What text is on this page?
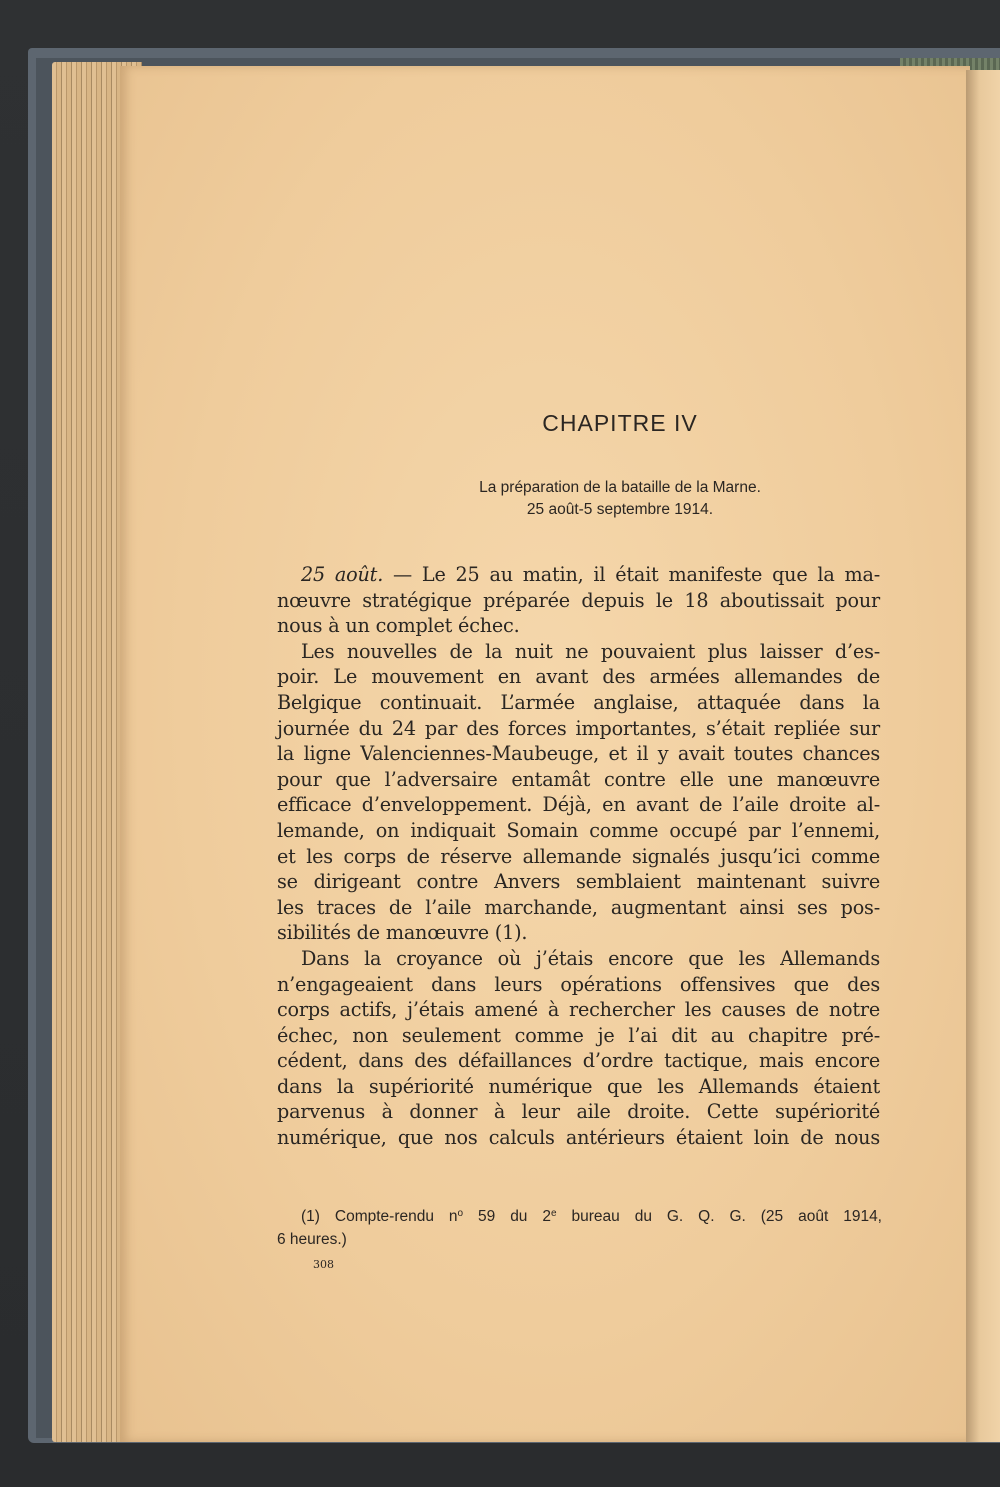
CHAPITRE IV
La préparation de la bataille de la Marne.
25 août-5 septembre 1914.
25 août. — Le 25 au matin, il était manifeste que la ma-
nœuvre stratégique préparée depuis le 18 aboutissait pour
nous à un complet échec.
Les nouvelles de la nuit ne pouvaient plus laisser d’es-
poir. Le mouvement en avant des armées allemandes de
Belgique continuait. L’armée anglaise, attaquée dans la
journée du 24 par des forces importantes, s’était repliée sur
la ligne Valenciennes-Maubeuge, et il y avait toutes chances
pour que l’adversaire entamât contre elle une manœuvre
efficace d’enveloppement. Déjà, en avant de l’aile droite al-
lemande, on indiquait Somain comme occupé par l’ennemi,
et les corps de réserve allemande signalés jusqu’ici comme
se dirigeant contre Anvers semblaient maintenant suivre
les traces de l’aile marchande, augmentant ainsi ses pos-
sibilités de manœuvre (1).
Dans la croyance où j’étais encore que les Allemands
n’engageaient dans leurs opérations offensives que des
corps actifs, j’étais amené à rechercher les causes de notre
échec, non seulement comme je l’ai dit au chapitre pré-
cédent, dans des défaillances d’ordre tactique, mais encore
dans la supériorité numérique que les Allemands étaient
parvenus à donner à leur aile droite. Cette supériorité
numérique, que nos calculs antérieurs étaient loin de nous
(1) Compte-rendu $n^o$ 59 du 2e bureau du G. Q. G. (25 août 1914,
6 heures.)
308
